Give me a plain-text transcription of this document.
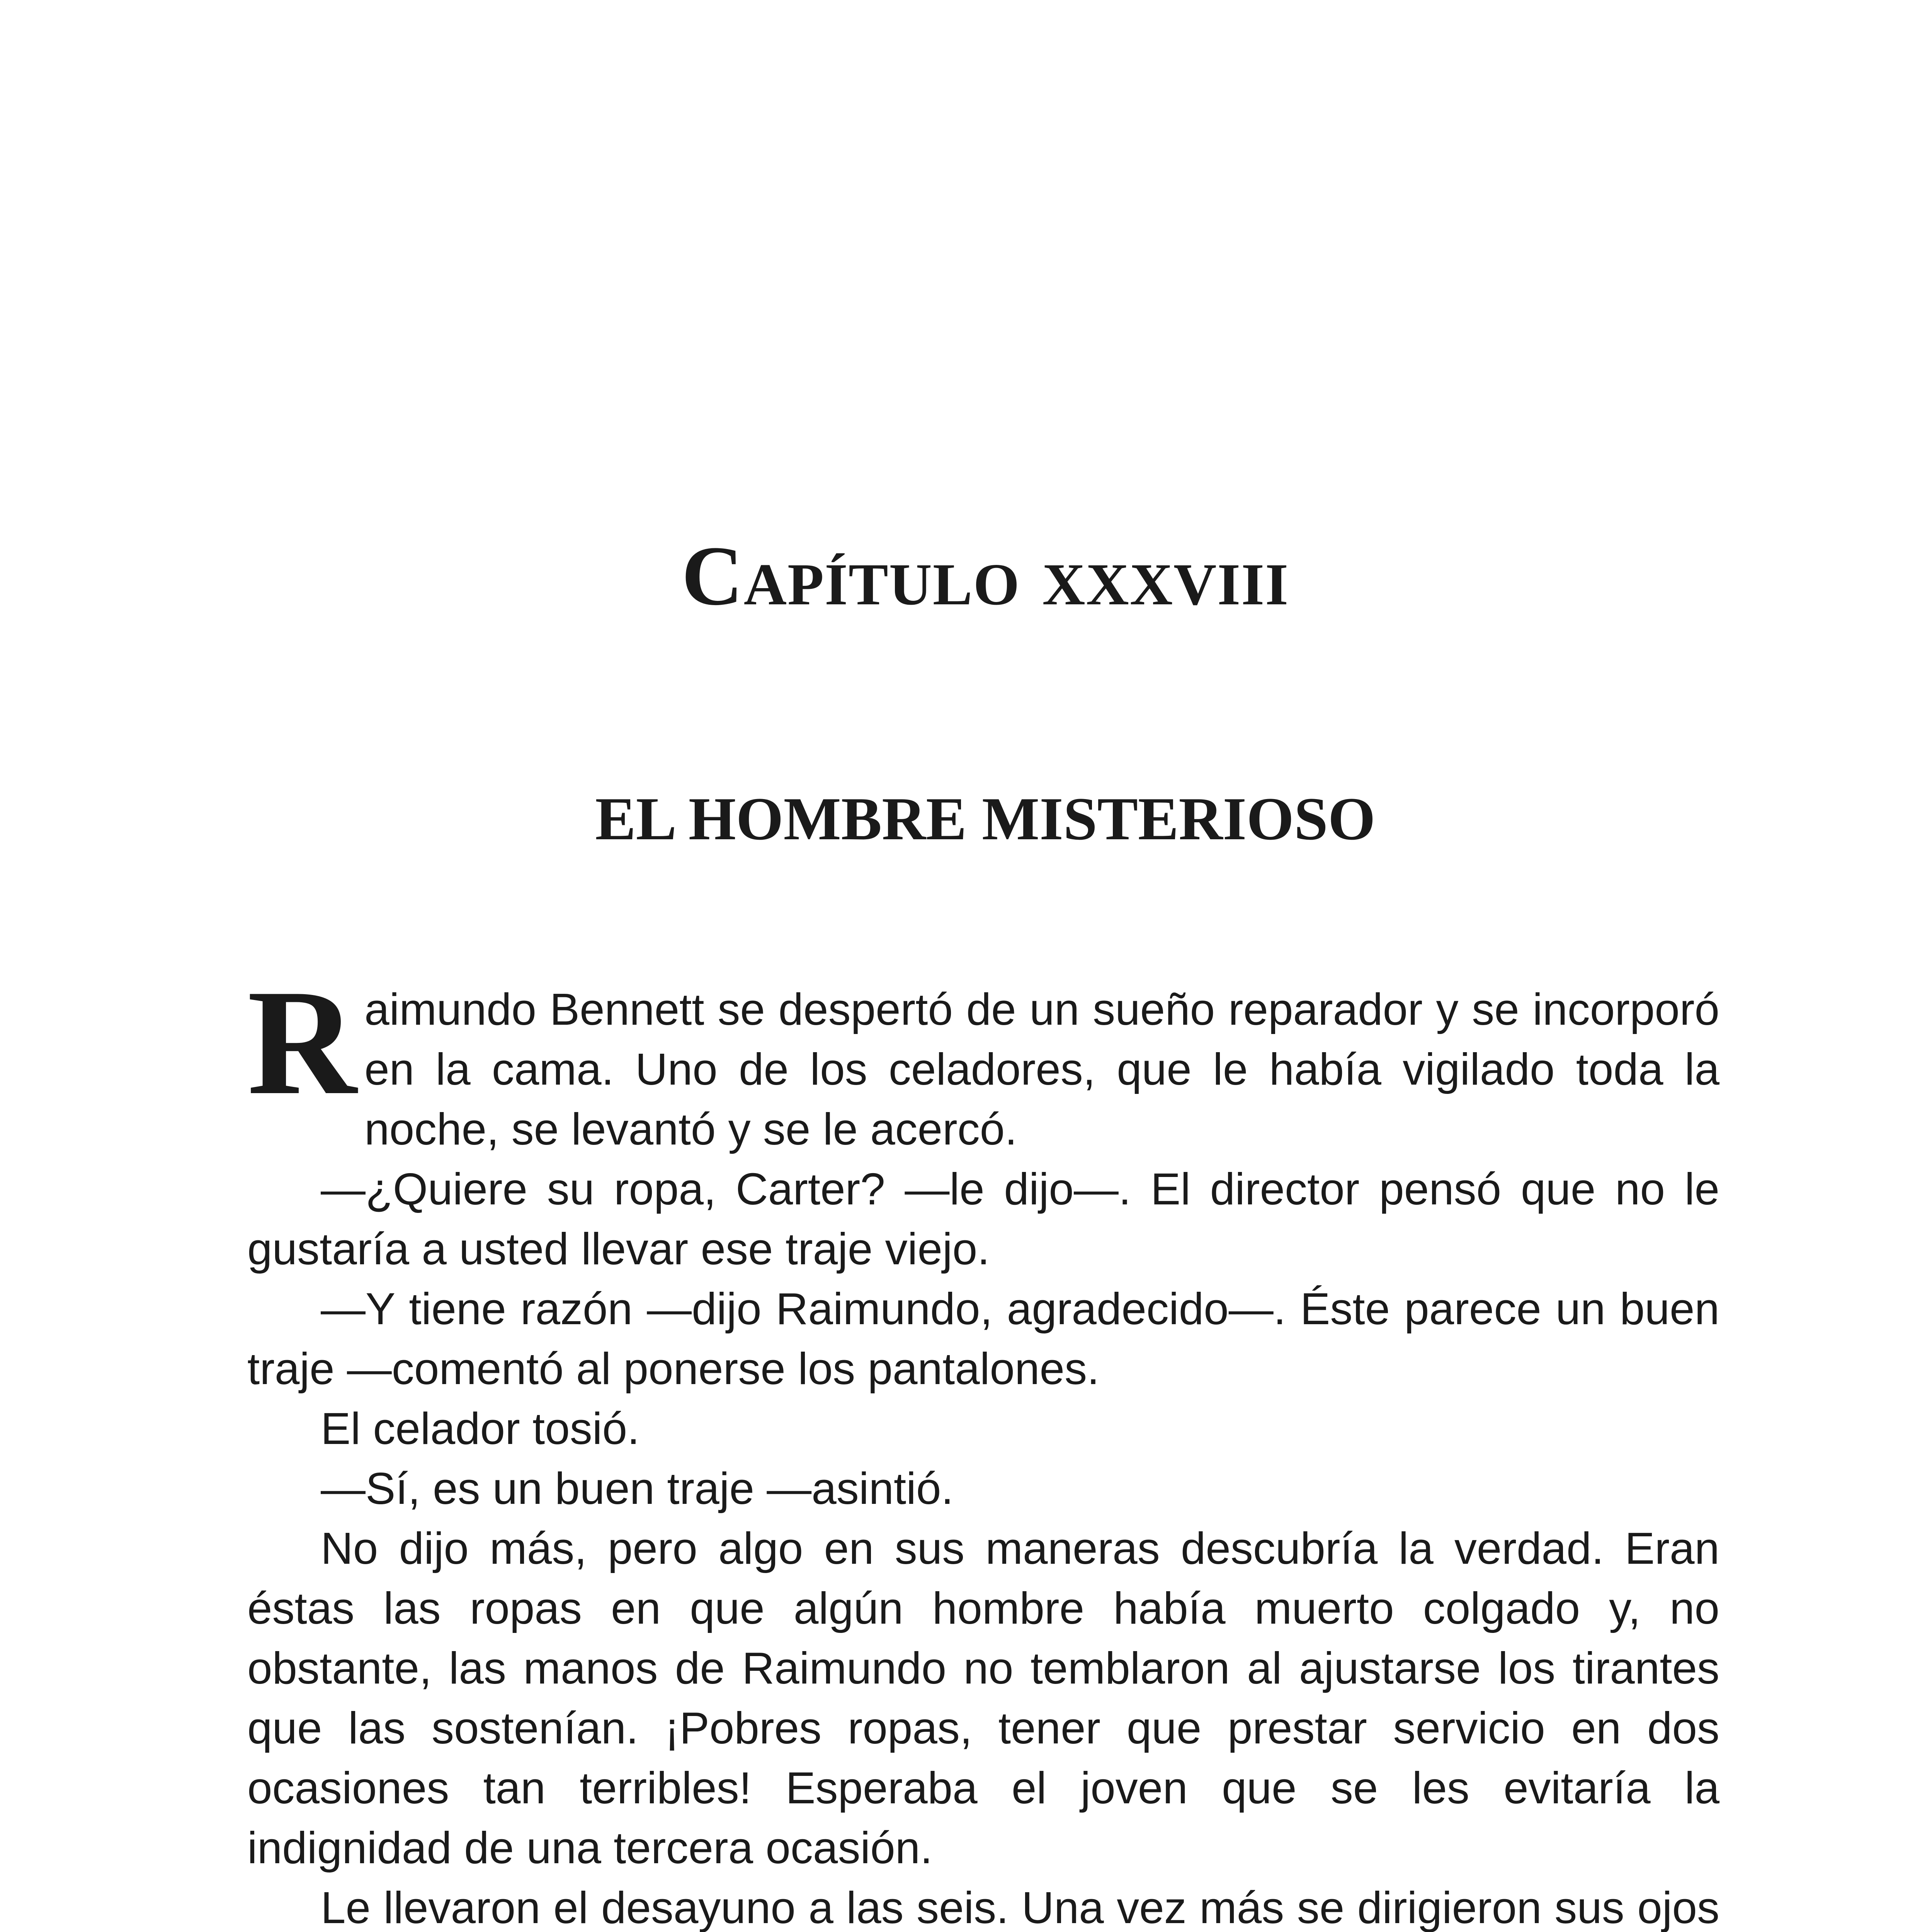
Capítulo xxxviii
EL HOMBRE MISTERIOSO

Raimundo Bennett se despertó de un sueño reparador y se incorporó en la cama. Uno de los celadores, que le había vigilado toda la noche, se levantó y se le acercó.

—¿Quiere su ropa, Carter? —le dijo—. El director pensó que no le gustaría a usted llevar ese traje viejo.

—Y tiene razón —dijo Raimundo, agradecido—. Éste parece un buen traje —comentó al ponerse los pantalones.

El celador tosió.

—Sí, es un buen traje —asintió.

No dijo más, pero algo en sus maneras descubría la verdad. Eran éstas las ropas en que algún hombre había muerto colgado y, no obstante, las manos de Raimundo no temblaron al ajustarse los tirantes que las sostenían. ¡Pobres ropas, tener que prestar servicio en dos ocasiones tan terribles! Esperaba el joven que se les evitaría la indignidad de una tercera ocasión.

Le llevaron el desayuno a las seis. Una vez más se dirigieron sus ojos
